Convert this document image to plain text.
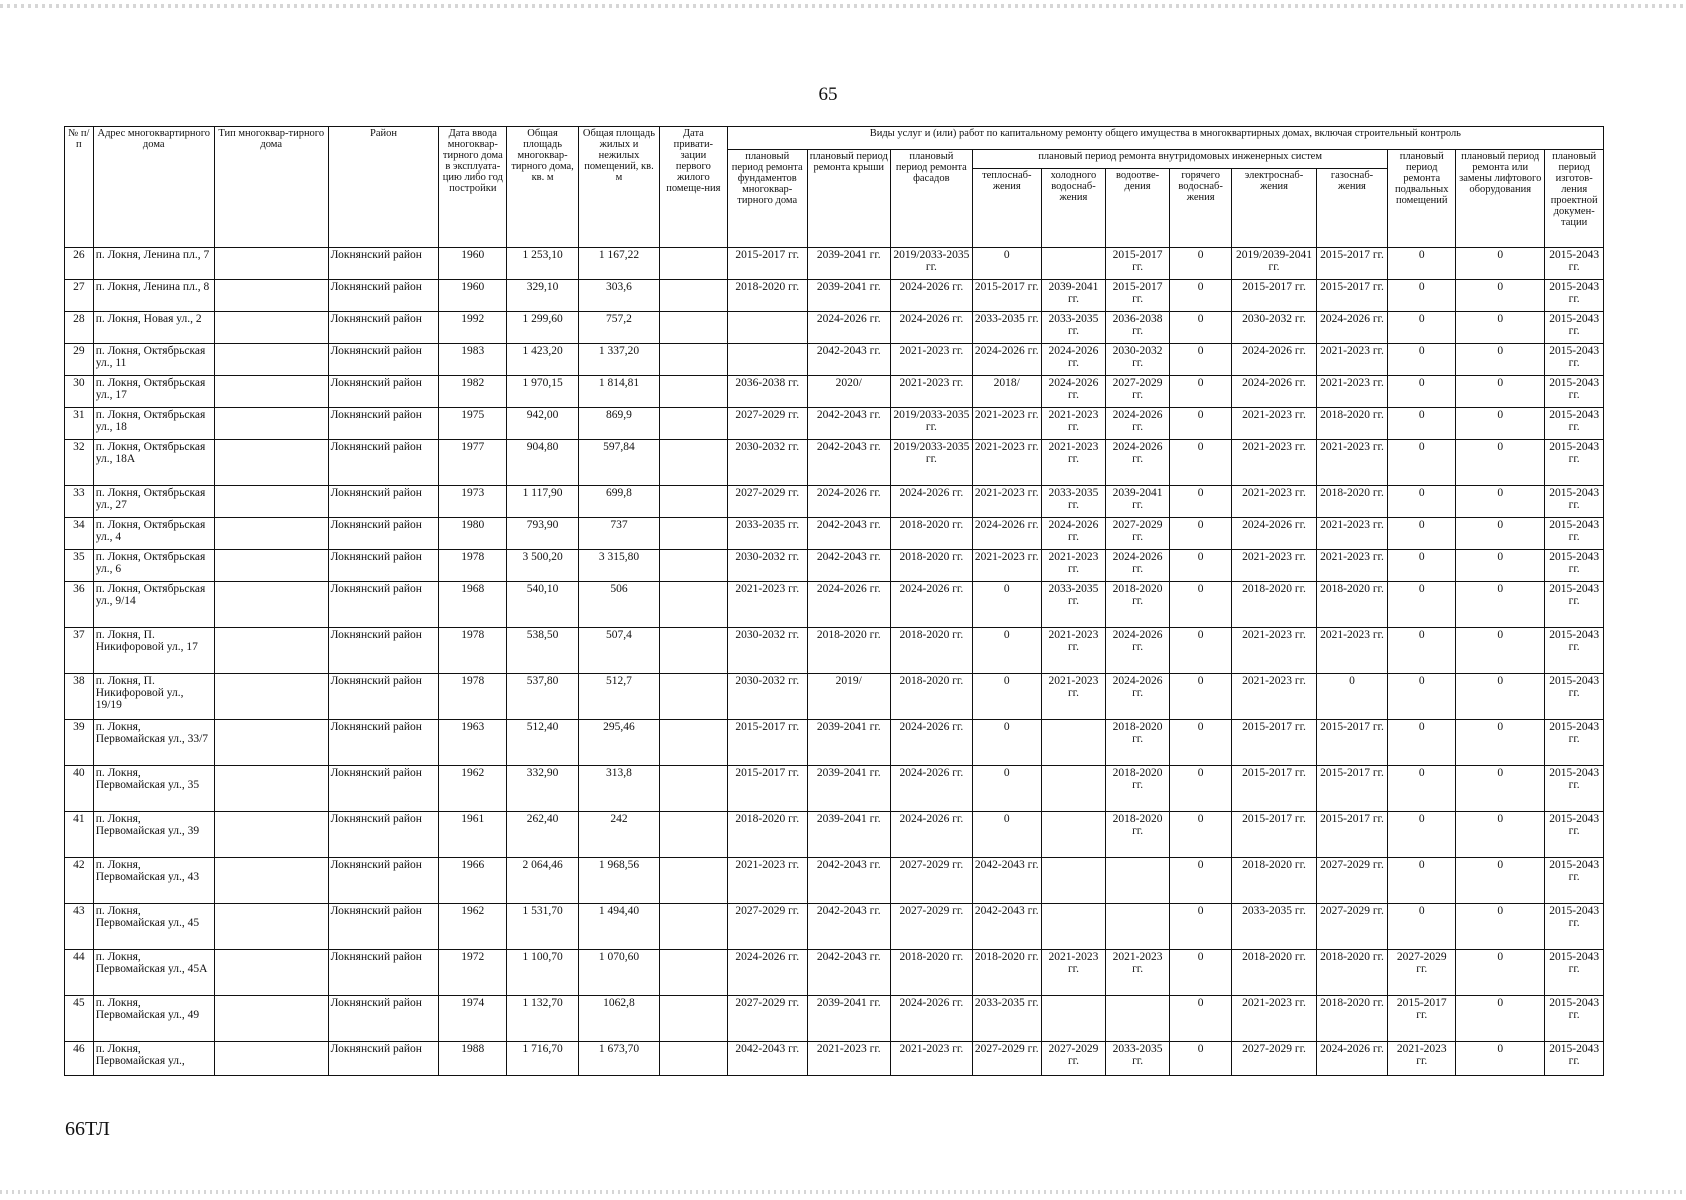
65
№ п/п	Адрес многоквартирного дома	Тип многоквар-тирного дома	Район	Дата ввода многоквар-тирного дома в эксплуата-цию либо год постройки	Общая площадь многоквар-тирного дома, кв. м	Общая площадь жилых и нежилых помещений, кв. м	Дата привати-зации первого жилого помеще-ния	Виды услуг и (или) работ по капитальному ремонту общего имущества в многоквартирных домах, включая строительный контроль											
								плановый период ремонта фундаментов многоквар-тирного дома	плановый период ремонта крыши	плановый период ремонта фасадов	плановый период ремонта внутридомовых инженерных систем						плановый период ремонта подвальных помещений	плановый период ремонта или замены лифтового оборудования	плановый период изготов-ления проектной докумен-тации
											теплоснаб-жения	холодного водоснаб-жения	водоотве-дения	горячего водоснаб-жения	электроснаб-жения	газоснаб-жения			
26	п. Локня, Ленина пл., 7		Локнянский район	1960	1 253,10	1 167,22		2015-2017 гг.	2039-2041 гг.	2019/2033-2035 гг.	0		2015-2017 гг.	0	2019/2039-2041 гг.	2015-2017 гг.	0	0	2015-2043 гг.
27	п. Локня, Ленина пл., 8		Локнянский район	1960	329,10	303,6		2018-2020 гг.	2039-2041 гг.	2024-2026 гг.	2015-2017 гг.	2039-2041 гг.	2015-2017 гг.	0	2015-2017 гг.	2015-2017 гг.	0	0	2015-2043 гг.
28	п. Локня, Новая ул., 2		Локнянский район	1992	1 299,60	757,2			2024-2026 гг.	2024-2026 гг.	2033-2035 гг.	2033-2035 гг.	2036-2038 гг.	0	2030-2032 гг.	2024-2026 гг.	0	0	2015-2043 гг.
29	п. Локня, Октябрьская ул., 11		Локнянский район	1983	1 423,20	1 337,20			2042-2043 гг.	2021-2023 гг.	2024-2026 гг.	2024-2026 гг.	2030-2032 гг.	0	2024-2026 гг.	2021-2023 гг.	0	0	2015-2043 гг.
30	п. Локня, Октябрьская ул., 17		Локнянский район	1982	1 970,15	1 814,81		2036-2038 гг.	2020/	2021-2023 гг.	2018/	2024-2026 гг.	2027-2029 гг.	0	2024-2026 гг.	2021-2023 гг.	0	0	2015-2043 гг.
31	п. Локня, Октябрьская ул., 18		Локнянский район	1975	942,00	869,9		2027-2029 гг.	2042-2043 гг.	2019/2033-2035 гг.	2021-2023 гг.	2021-2023 гг.	2024-2026 гг.	0	2021-2023 гг.	2018-2020 гг.	0	0	2015-2043 гг.
32	п. Локня, Октябрьская ул., 18А		Локнянский район	1977	904,80	597,84		2030-2032 гг.	2042-2043 гг.	2019/2033-2035 гг.	2021-2023 гг.	2021-2023 гг.	2024-2026 гг.	0	2021-2023 гг.	2021-2023 гг.	0	0	2015-2043 гг.
33	п. Локня, Октябрьская ул., 27		Локнянский район	1973	1 117,90	699,8		2027-2029 гг.	2024-2026 гг.	2024-2026 гг.	2021-2023 гг.	2033-2035 гг.	2039-2041 гг.	0	2021-2023 гг.	2018-2020 гг.	0	0	2015-2043 гг.
34	п. Локня, Октябрьская ул., 4		Локнянский район	1980	793,90	737		2033-2035 гг.	2042-2043 гг.	2018-2020 гг.	2024-2026 гг.	2024-2026 гг.	2027-2029 гг.	0	2024-2026 гг.	2021-2023 гг.	0	0	2015-2043 гг.
35	п. Локня, Октябрьская ул., 6		Локнянский район	1978	3 500,20	3 315,80		2030-2032 гг.	2042-2043 гг.	2018-2020 гг.	2021-2023 гг.	2021-2023 гг.	2024-2026 гг.	0	2021-2023 гг.	2021-2023 гг.	0	0	2015-2043 гг.
36	п. Локня, Октябрьская ул., 9/14		Локнянский район	1968	540,10	506		2021-2023 гг.	2024-2026 гг.	2024-2026 гг.	0	2033-2035 гг.	2018-2020 гг.	0	2018-2020 гг.	2018-2020 гг.	0	0	2015-2043 гг.
37	п. Локня, П. Никифоровой ул., 17		Локнянский район	1978	538,50	507,4		2030-2032 гг.	2018-2020 гг.	2018-2020 гг.	0	2021-2023 гг.	2024-2026 гг.	0	2021-2023 гг.	2021-2023 гг.	0	0	2015-2043 гг.
38	п. Локня, П. Никифоровой ул., 19/19		Локнянский район	1978	537,80	512,7		2030-2032 гг.	2019/	2018-2020 гг.	0	2021-2023 гг.	2024-2026 гг.	0	2021-2023 гг.	0	0	0	2015-2043 гг.
39	п. Локня, Первомайская ул., 33/7		Локнянский район	1963	512,40	295,46		2015-2017 гг.	2039-2041 гг.	2024-2026 гг.	0		2018-2020 гг.	0	2015-2017 гг.	2015-2017 гг.	0	0	2015-2043 гг.
40	п. Локня, Первомайская ул., 35		Локнянский район	1962	332,90	313,8		2015-2017 гг.	2039-2041 гг.	2024-2026 гг.	0		2018-2020 гг.	0	2015-2017 гг.	2015-2017 гг.	0	0	2015-2043 гг.
41	п. Локня, Первомайская ул., 39		Локнянский район	1961	262,40	242		2018-2020 гг.	2039-2041 гг.	2024-2026 гг.	0		2018-2020 гг.	0	2015-2017 гг.	2015-2017 гг.	0	0	2015-2043 гг.
42	п. Локня, Первомайская ул., 43		Локнянский район	1966	2 064,46	1 968,56		2021-2023 гг.	2042-2043 гг.	2027-2029 гг.	2042-2043 гг.			0	2018-2020 гг.	2027-2029 гг.	0	0	2015-2043 гг.
43	п. Локня, Первомайская ул., 45		Локнянский район	1962	1 531,70	1 494,40		2027-2029 гг.	2042-2043 гг.	2027-2029 гг.	2042-2043 гг.			0	2033-2035 гг.	2027-2029 гг.	0	0	2015-2043 гг.
44	п. Локня, Первомайская ул., 45А		Локнянский район	1972	1 100,70	1 070,60		2024-2026 гг.	2042-2043 гг.	2018-2020 гг.	2018-2020 гг.	2021-2023 гг.	2021-2023 гг.	0	2018-2020 гг.	2018-2020 гг.	2027-2029 гг.	0	2015-2043 гг.
45	п. Локня, Первомайская ул., 49		Локнянский район	1974	1 132,70	1062,8		2027-2029 гг.	2039-2041 гг.	2024-2026 гг.	2033-2035 гг.			0	2021-2023 гг.	2018-2020 гг.	2015-2017 гг.	0	2015-2043 гг.
46	п. Локня, Первомайская ул.,		Локнянский район	1988	1 716,70	1 673,70		2042-2043 гг.	2021-2023 гг.	2021-2023 гг.	2027-2029 гг.	2027-2029 гг.	2033-2035 гг.	0	2027-2029 гг.	2024-2026 гг.	2021-2023 гг.	0	2015-2043 гг.
66ТЛ
